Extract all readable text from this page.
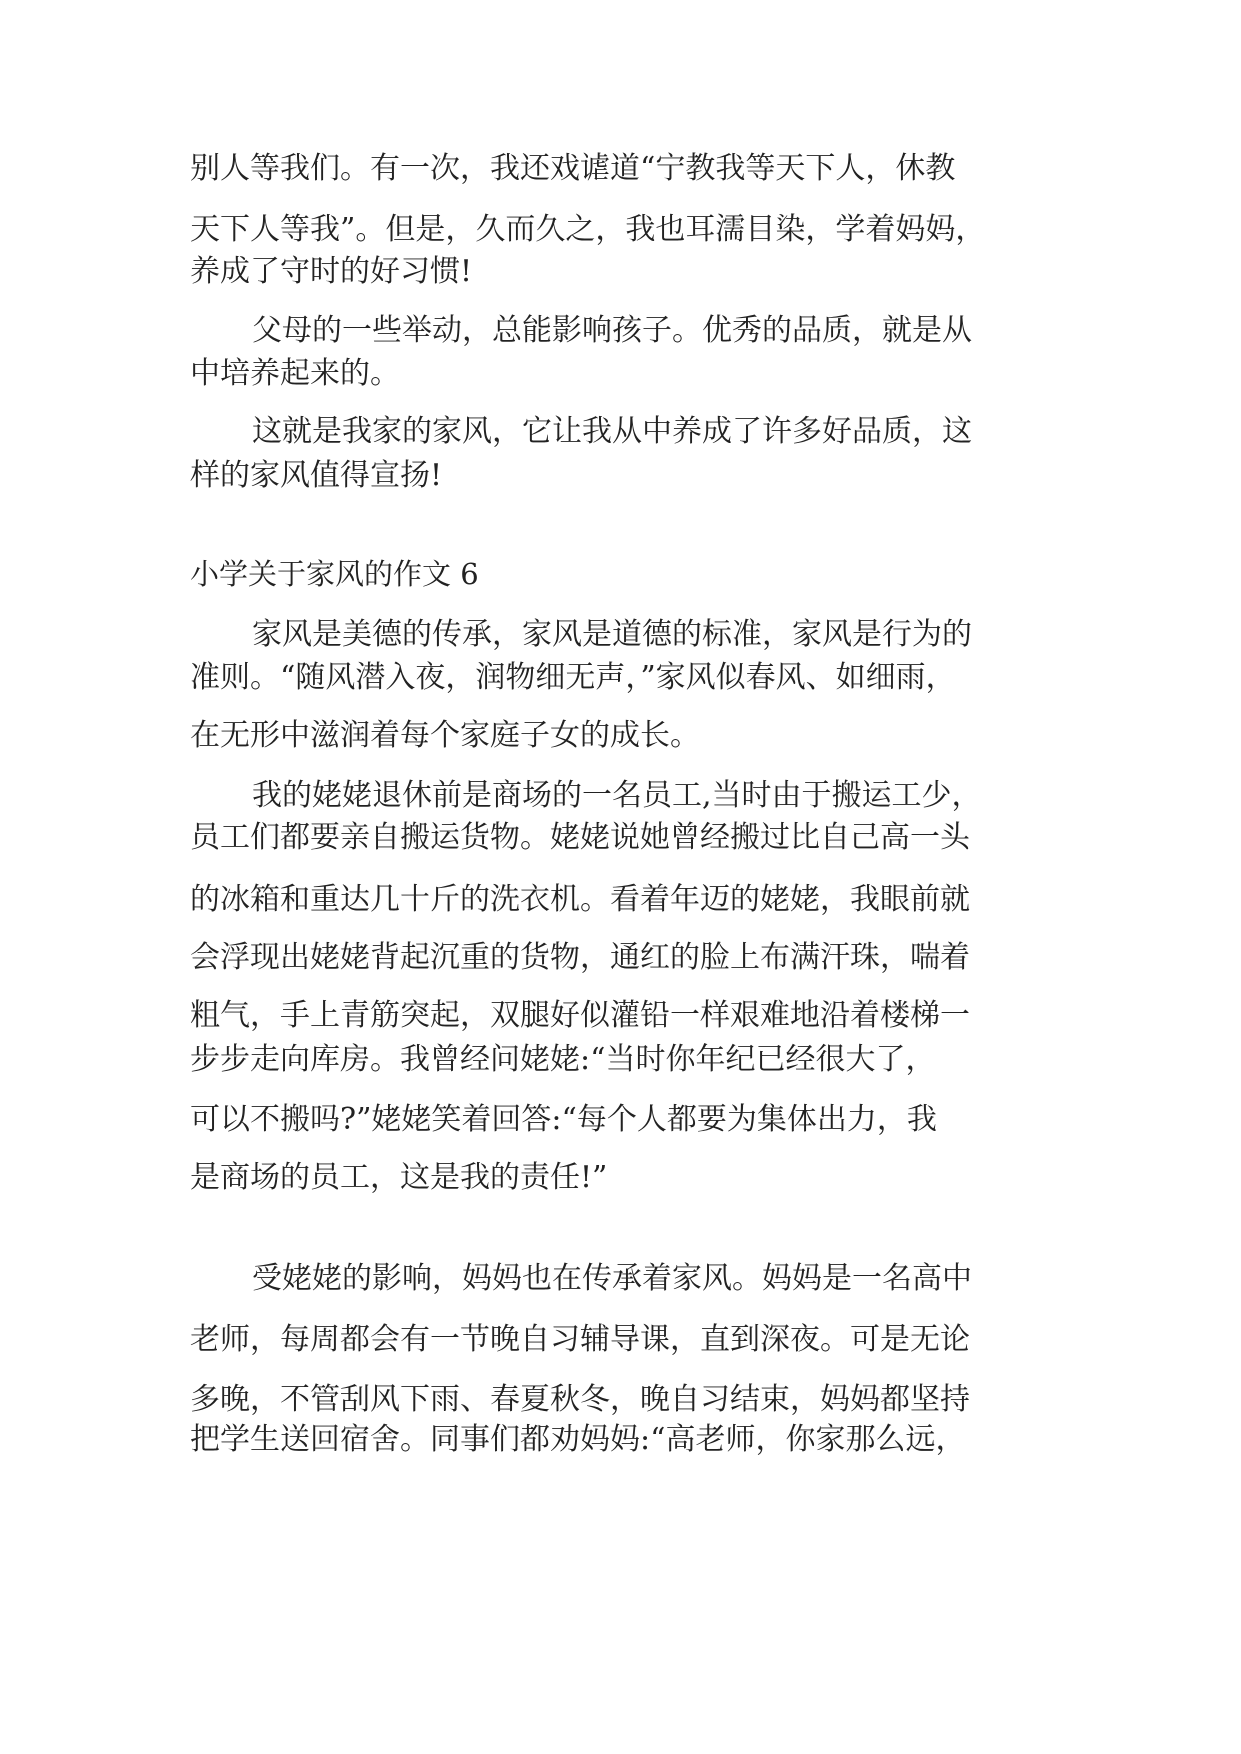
别人等我们。有一次，我还戏谑道“宁教我等天下人，休教

天下人等我”。但是，久而久之，我也耳濡目染，学着妈妈，

养成了守时的好习惯!

父母的一些举动，总能影响孩子。优秀的品质，就是从

中培养起来的。

这就是我家的家风，它让我从中养成了许多好品质，这

样的家风值得宣扬!

小学关于家风的作文 6

家风是美德的传承，家风是道德的标准，家风是行为的

准则。“随风潜入夜，润物细无声，”家风似春风、如细雨，

在无形中滋润着每个家庭子女的成长。

我的姥姥退休前是商场的一名员工,当时由于搬运工少，

员工们都要亲自搬运货物。姥姥说她曾经搬过比自己高一头

的冰箱和重达几十斤的洗衣机。看着年迈的姥姥，我眼前就

会浮现出姥姥背起沉重的货物，通红的脸上布满汗珠，喘着

粗气，手上青筋突起，双腿好似灌铅一样艰难地沿着楼梯一

步步走向库房。我曾经问姥姥:“当时你年纪已经很大了，

可以不搬吗?”姥姥笑着回答:“每个人都要为集体出力，我

是商场的员工，这是我的责任!”

受姥姥的影响，妈妈也在传承着家风。妈妈是一名高中

老师，每周都会有一节晚自习辅导课，直到深夜。可是无论

多晚，不管刮风下雨、春夏秋冬，晚自习结束，妈妈都坚持

把学生送回宿舍。同事们都劝妈妈:“高老师，你家那么远，
